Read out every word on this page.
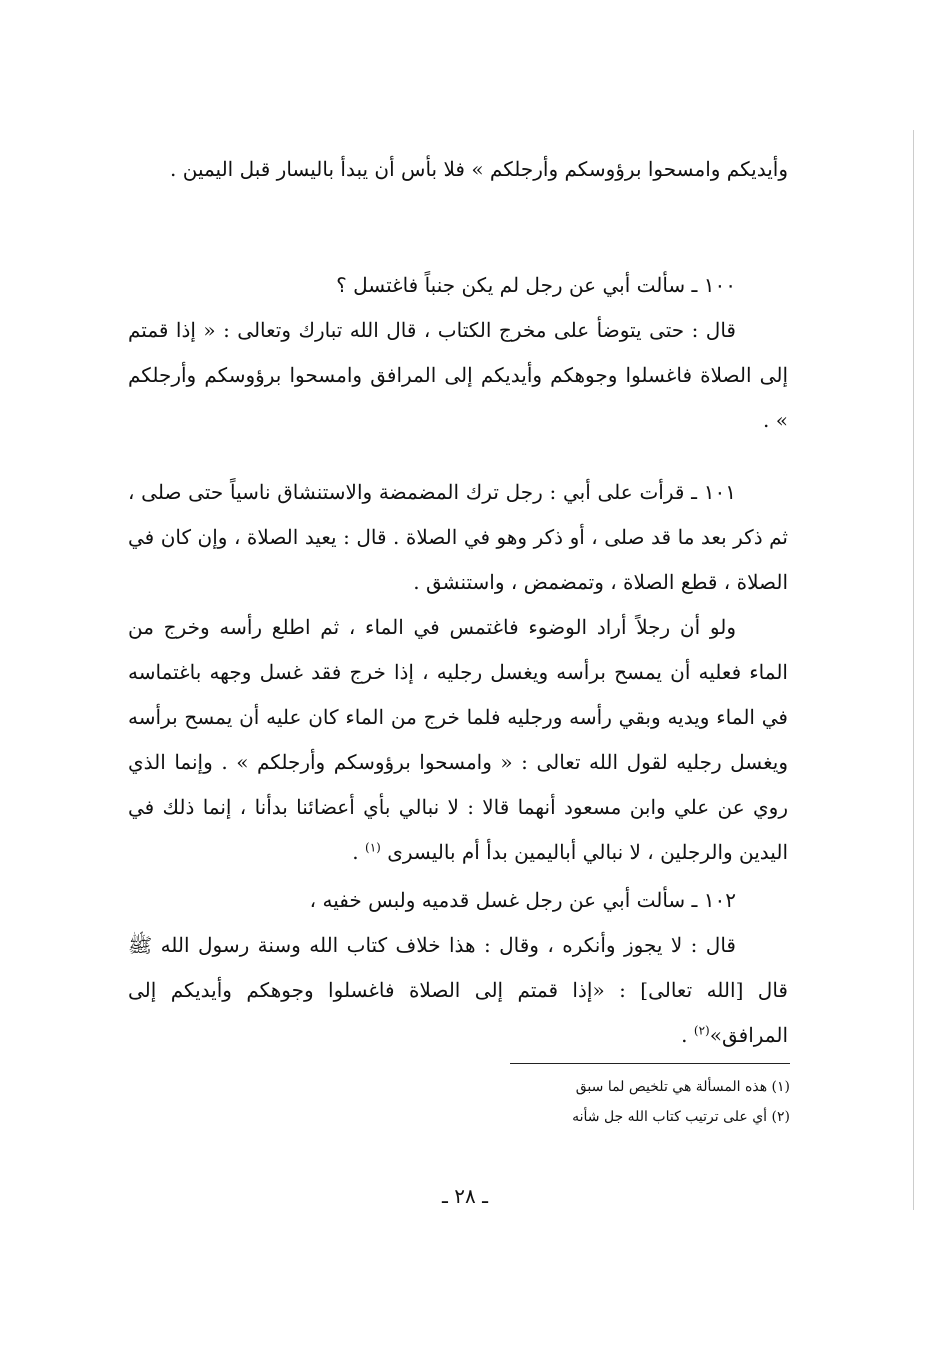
وأيديكم وامسحوا برؤوسكم وأرجلكم » فلا بأس أن يبدأ باليسار قبل اليمين .

١٠٠ ـ سألت أبي عن رجل لم يكن جنباً فاغتسل ؟

قال : حتى يتوضأ على مخرج الكتاب ، قال الله تبارك وتعالى : « إذا قمتم إلى الصلاة فاغسلوا وجوهكم وأيديكم إلى المرافق وامسحوا برؤوسكم وأرجلكم » .

١٠١ ـ قرأت على أبي : رجل ترك المضمضة والاستنشاق ناسياً حتى صلى ، ثم ذكر بعد ما قد صلى ، أو ذكر وهو في الصلاة . قال : يعيد الصلاة ، وإن كان في الصلاة ، قطع الصلاة ، وتمضمض ، واستنشق .

ولو أن رجلاً أراد الوضوء فاغتمس في الماء ، ثم اطلع رأسه وخرج من الماء فعليه أن يمسح برأسه ويغسل رجليه ، إذا خرج فقد غسل وجهه باغتماسه في الماء ويديه وبقي رأسه ورجليه فلما خرج من الماء كان عليه أن يمسح برأسه ويغسل رجليه لقول الله تعالى : « وامسحوا برؤوسكم وأرجلكم » . وإنما الذي روي عن علي وابن مسعود أنهما قالا : لا نبالي بأي أعضائنا بدأنا ، إنما ذلك في اليدين والرجلين ، لا نبالي أباليمين بدأ أم باليسرى $^{(١)}$ .

١٠٢ ـ سألت أبي عن رجل غسل قدميه ولبس خفيه ،

قال : لا يجوز وأنكره ، وقال : هذا خلاف كتاب الله وسنة رسول الله ﷺ قال [الله تعالى] : «إذا قمتم إلى الصلاة فاغسلوا وجوهكم وأيديكم إلى المرافق»$^{(٢)}$ .

(١) هذه المسألة هي تلخيص لما سبق

(٢) أي على ترتيب كتاب الله جل شأنه

ـ ٢٨ ـ
